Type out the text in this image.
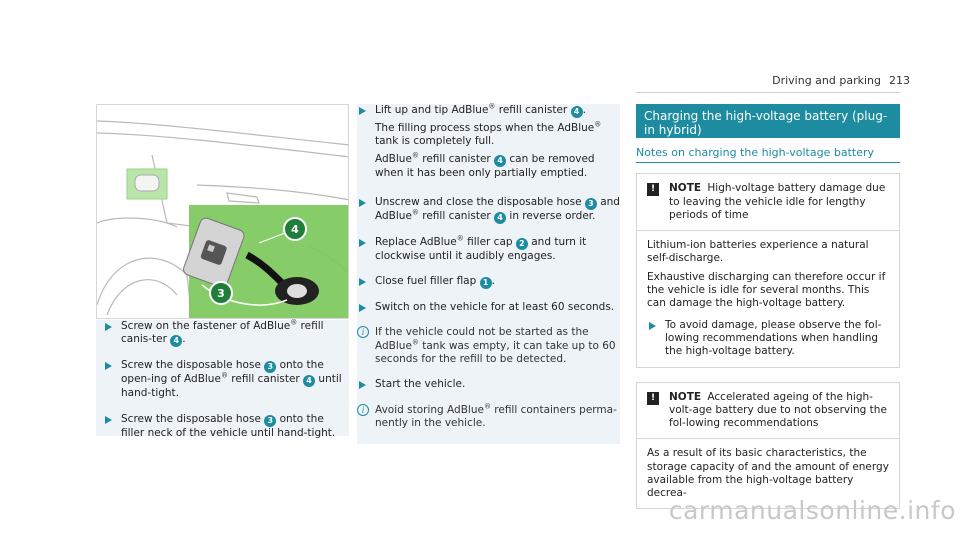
Driving and parking 213
4
3
Screw on the fastener of AdBlue® refill canis-ter 4 .
Screw the disposable hose 3 onto the open-ing of AdBlue® refill canister 4 until hand-tight.
Screw the disposable hose 3 onto the filler neck of the vehicle until hand-tight.

Lift up and tip AdBlue® refill canister 4 .

The filling process stops when the AdBlue® tank is completely full.

AdBlue® refill canister 4 can be removed when it has been only partially emptied.

Unscrew and close the disposable hose 3 and AdBlue® refill canister 4 in reverse order.
Replace AdBlue® filler cap 2 and turn it clockwise until it audibly engages.
Close fuel filler flap 1 .
Switch on the vehicle for at least 60 seconds.
i	If the vehicle could not be started as the AdBlue® tank was empty, it can take up to 60 seconds for the refill to be detected.
Start the vehicle.
i	Avoid storing AdBlue® refill containers perma-nently in the vehicle.
Charging the high-voltage battery (plug-in hybrid)
Notes on charging the high-voltage battery
!	NOTE High-voltage battery damage due to leaving the vehicle idle for lengthy periods of time

Lithium-ion batteries experience a natural self-discharge.

Exhaustive discharging can therefore occur if the vehicle is idle for several months. This can damage the high-voltage battery.

To avoid damage, please observe the fol-lowing recommendations when handling the high-voltage battery.
!	NOTE Accelerated ageing of the high-volt-age battery due to not observing the fol-lowing recommendations

As a result of its basic characteristics, the storage capacity of and the amount of energy available from the high-voltage battery decrea-

carmanualsonline.info
